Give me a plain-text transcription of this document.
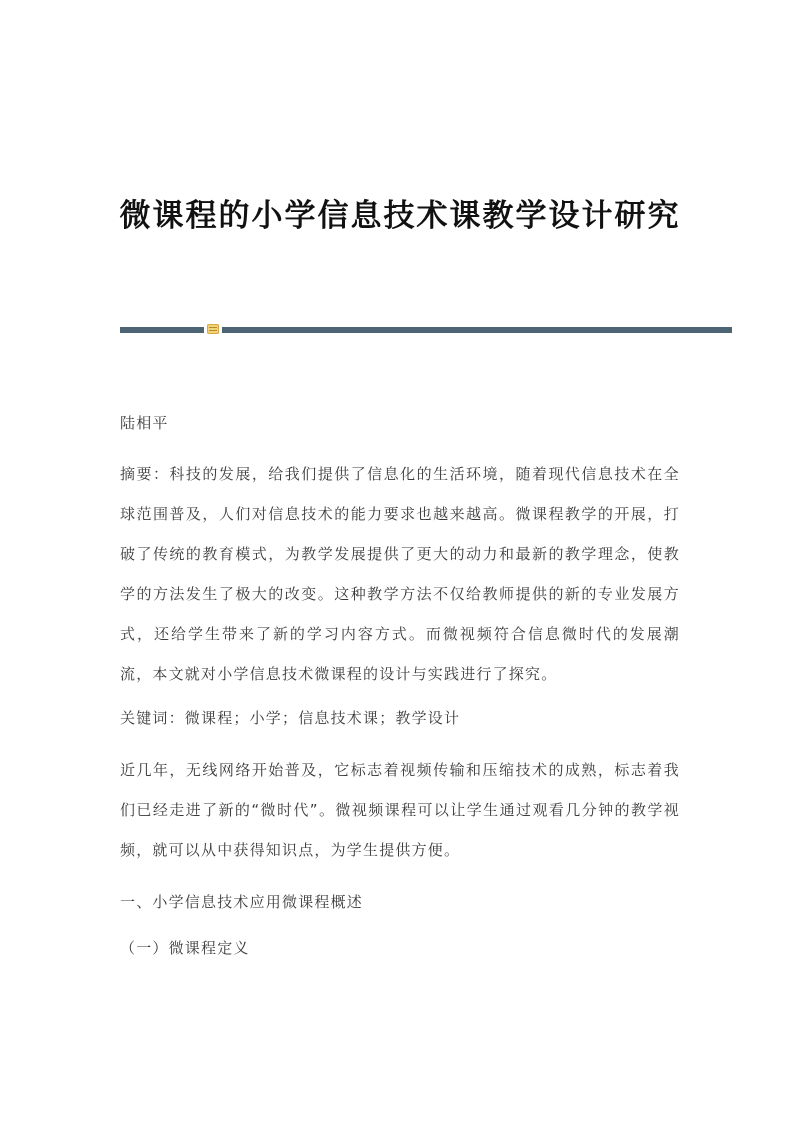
微课程的小学信息技术课教学设计研究

陆相平

摘要：科技的发展，给我们提供了信息化的生活环境，随着现代信息技术在全球范围普及，人们对信息技术的能力要求也越来越高。微课程教学的开展，打破了传统的教育模式，为教学发展提供了更大的动力和最新的教学理念，使教学的方法发生了极大的改变。这种教学方法不仅给教师提供的新的专业发展方式，还给学生带来了新的学习内容方式。而微视频符合信息微时代的发展潮流，本文就对小学信息技术微课程的设计与实践进行了探究。

关键词：微课程；小学；信息技术课；教学设计

近几年，无线网络开始普及，它标志着视频传输和压缩技术的成熟，标志着我们已经走进了新的“微时代”。微视频课程可以让学生通过观看几分钟的教学视频，就可以从中获得知识点，为学生提供方便。

一、小学信息技术应用微课程概述

（一）微课程定义
